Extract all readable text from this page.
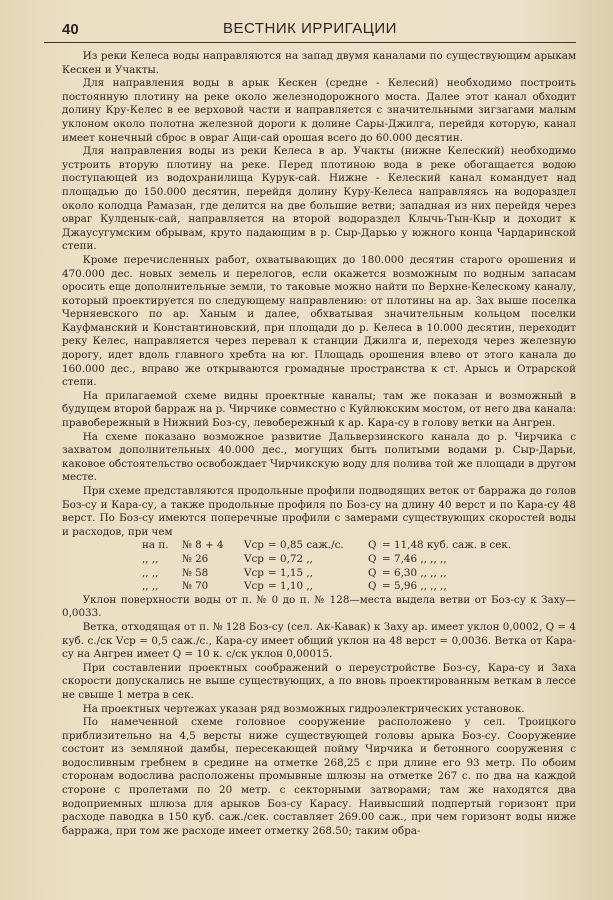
40	ВЕСТНИК ИРРИГАЦИИ

Из реки Келеса воды направляются на запад двумя каналами по существующим арыкам Кескен и Учакты.

Для направления воды в арык Кескен (средне - Келесий) необходимо построить постоянную плотину на реке около железнодорожного моста. Далее этот канал обходит долину Кру-Келес в ее верховой части и направляется с значительными зигзагами малым уклоном около полотна железной дороги к долине Сары-Джилга, перейдя которую, канал имеет конечный сброс в овраг Ащи-сай орошая всего до 60.000 десятин.

Для направления воды из реки Келеса в ар. Учакты (нижне Келеский) необходимо устроить вторую плотину на реке. Перед плотиною вода в реке обогащается водою поступающей из водохранилища Курук-сай. Нижне - Келеский канал командует над площадью до 150.000 десятин, перейдя долину Куру-Келеса направляясь на водораздел около колодца Рамазан, где делится на две большие ветви; западная из них перейдя через овраг Кулденык-сай, направляется на второй водораздел Клычь-Тын-Кыр и доходит к Джаусугумским обрывам, круто падающим в р. Сыр-Дарью у южного конца Чардаринской степи.

Кроме перечисленных работ, охватывающих до 180.000 десятин старого орошения и 470.000 дес. новых земель и перелогов, если окажется возможным по водным запасам оросить еще дополнительные земли, то таковые можно найти по Верхне-Келескому каналу, который проектируется по следующему направлению: от плотины на ар. Зах выше поселка Черняевского по ар. Ханым и далее, обхватывая значительным кольцом поселки Кауфманский и Константиновский, при площади до р. Келеса в 10.000 десятин, переходит реку Келес, направляется через перевал к станции Джилга и, переходя через железную дорогу, идет вдоль главного хребта на юг. Площадь орошения влево от этого канала до 160.000 дес., вправо же открываются громадные пространства к ст. Арысь и Отрарской степи.

На прилагаемой схеме видны проектные каналы; там же показан и возможный в будущем второй барраж на р. Чирчике совместно с Куйлюкским мостом, от него два канала: правобережный в Нижний Боз-су, левобережный к ар. Кара-су в голову ветки на Ангрен.

На схеме показано возможное развитие Дальверзинского канала до р. Чирчика с захватом дополнительных 40.000 дес., могущих быть политыми водами р. Сыр-Дарьи, каковое обстоятельство освобождает Чирчикскую воду для полива той же площади в другом месте.

При схеме представляются продольные профили подводящих веток от барража до голов Боз-су и Кара-су, а также продольные профиля по Боз-су на длину 40 верст и по Кара-су 48 верст. По Боз-су имеются поперечные профили с замерами существующих скоростей воды и расходов, при чем

на п.	№ 8 + 4	Vcp	=	0,85 саж./с.	Q	=	11,48 куб. саж. в сек.
,, ,,	№ 26	Vcp	=	0,72 ,,	Q	=	7,46 ,, ,, ,,
,, ,,	№ 58	Vcp	=	1,15 ,,	Q	=	6,30 ,, ,, ,,
,, ,,	№ 70	Vcp	=	1,10 ,,	Q	=	5,96 ,, ,, ,,

Уклон поверхности воды от п. № 0 до п. № 128—места выдела ветви от Боз-су к Заху—0,0033.

Ветка, отходящая от п. № 128 Боз-су (сел. Ак-Кавак) к Заху ар. имеет уклон 0,0002, Q = 4 куб. с./ск Vcp = 0,5 саж./с., Кара-су имеет общий уклон на 48 верст = 0,0036. Ветка от Кара-су на Ангрен имеет Q = 10 к. с/ск уклон 0,00015.

При составлении проектных соображений о переустройстве Боз-су, Кара-су и Заха скорости допускались не выше существующих, а по вновь проектированным веткам в лессе не свыше 1 метра в сек.

На проектных чертежах указан ряд возможных гидроэлектрических установок.

По намеченной схеме головное сооружение расположено у сел. Троицкого приблизительно на 4,5 версты ниже существующей головы арыка Боз-су. Сооружение состоит из земляной дамбы, пересекающей пойму Чирчика и бетонного сооружения с водосливным гребнем в средине на отметке 268,25 с при длине его 93 метр. По обоим сторонам водослива расположены промывные шлюзы на отметке 267 с. по два на каждой стороне с пролетами по 20 метр. с секторными затворами; там же находятся два водоприемных шлюза для арыков Боз-су Карасу. Наивысший подпертый горизонт при расходе паводка в 150 куб. саж./сек. составляет 269.00 саж., при чем горизонт воды ниже барража, при том же расходе имеет отметку 268.50; таким обра-
